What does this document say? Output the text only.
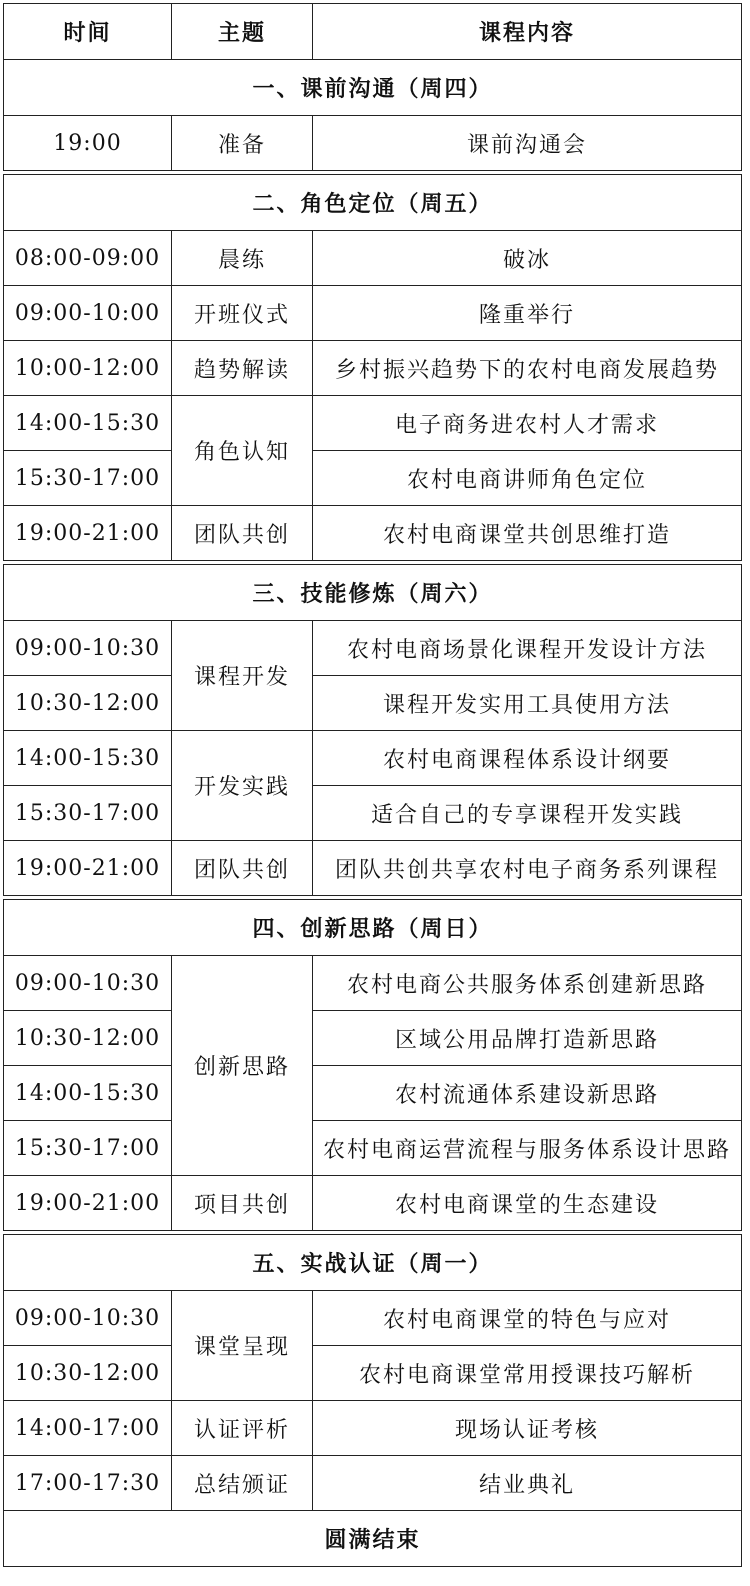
时间	主题	课程内容
一、课前沟通（周四）		
19:00	准备	课前沟通会

二、角色定位（周五）		
08:00-09:00	晨练	破冰
09:00-10:00	开班仪式	隆重举行
10:00-12:00	趋势解读	乡村振兴趋势下的农村电商发展趋势
14:00-15:30	角色认知	电子商务进农村人才需求
15:30-17:00		农村电商讲师角色定位
19:00-21:00	团队共创	农村电商课堂共创思维打造

三、技能修炼（周六）		
09:00-10:30	课程开发	农村电商场景化课程开发设计方法
10:30-12:00		课程开发实用工具使用方法
14:00-15:30	开发实践	农村电商课程体系设计纲要
15:30-17:00		适合自己的专享课程开发实践
19:00-21:00	团队共创	团队共创共享农村电子商务系列课程

四、创新思路（周日）		
09:00-10:30	创新思路	农村电商公共服务体系创建新思路
10:30-12:00		区域公用品牌打造新思路
14:00-15:30		农村流通体系建设新思路
15:30-17:00		农村电商运营流程与服务体系设计思路
19:00-21:00	项目共创	农村电商课堂的生态建设

五、实战认证（周一）		
09:00-10:30	课堂呈现	农村电商课堂的特色与应对
10:30-12:00		农村电商课堂常用授课技巧解析
14:00-17:00	认证评析	现场认证考核
17:00-17:30	总结颁证	结业典礼
圆满结束		
